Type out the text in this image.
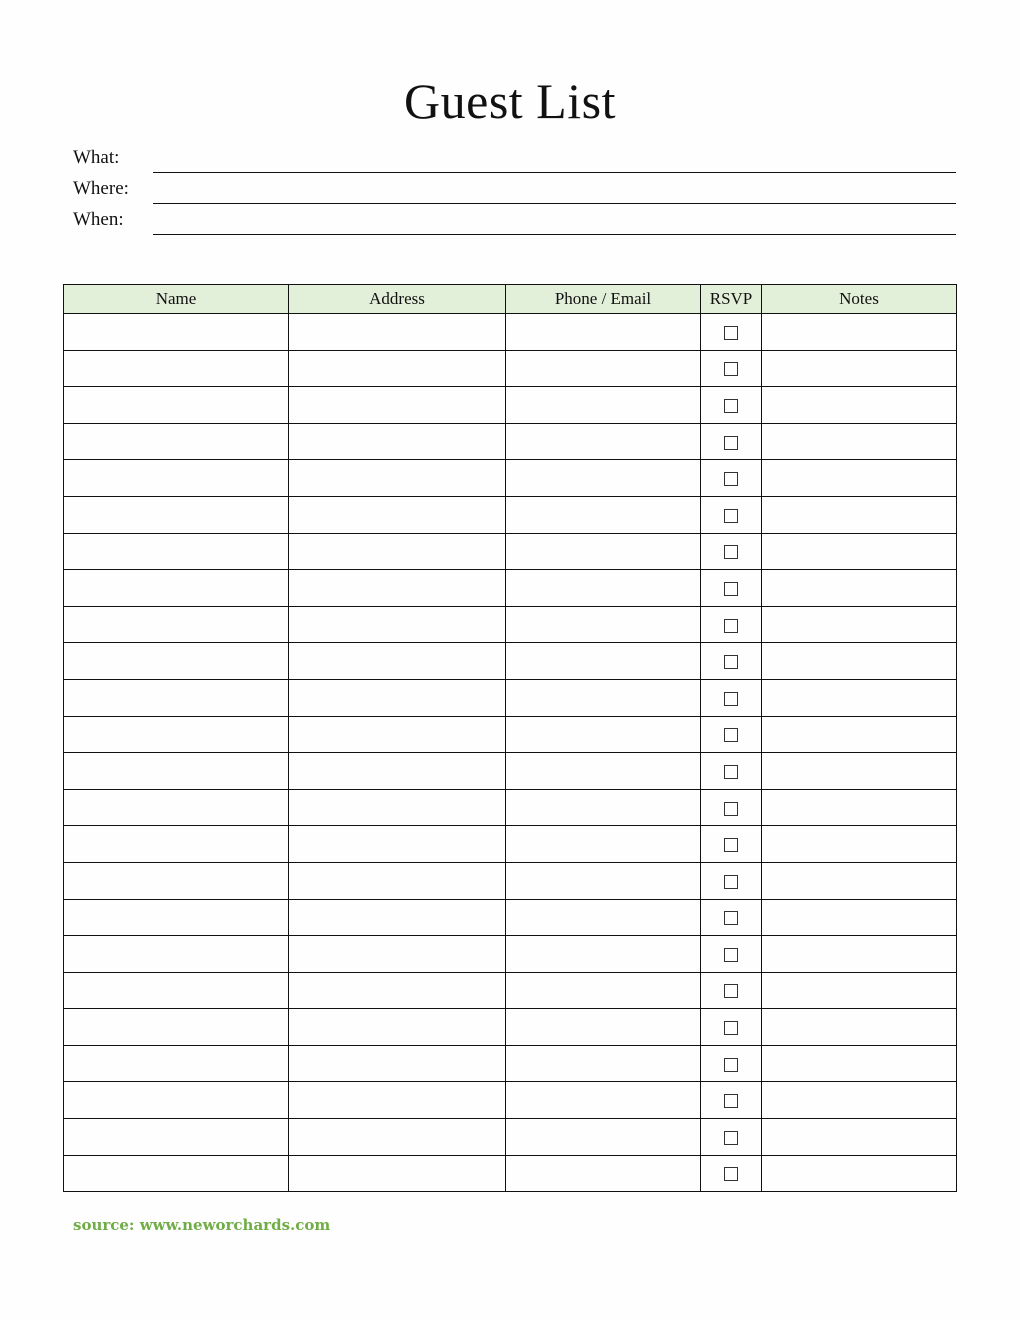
Guest List
What:
Where:
When:
Name	Address	Phone / Email	RSVP	Notes

source: www.neworchards.com
